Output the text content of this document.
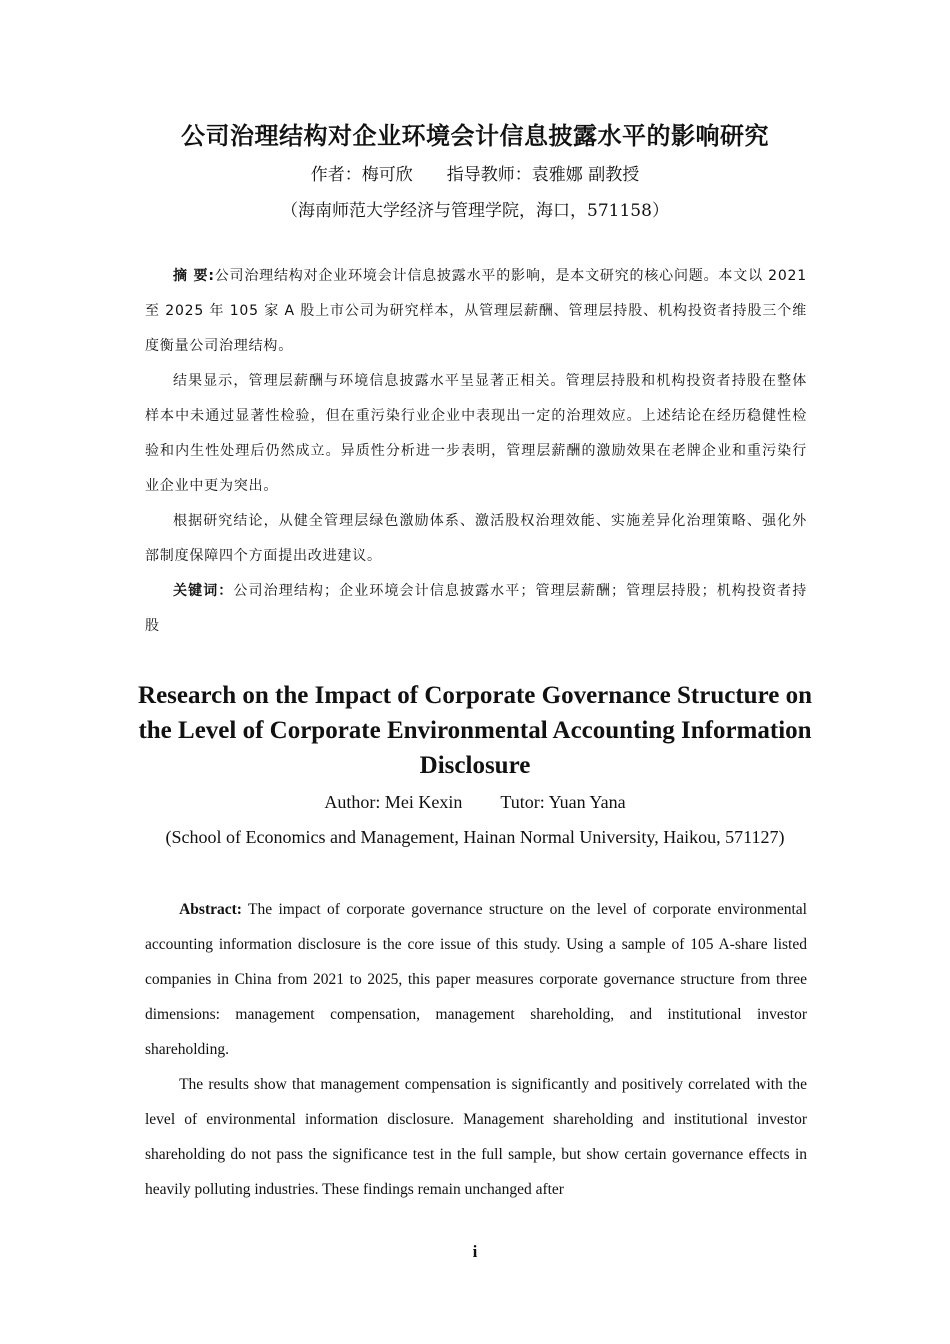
公司治理结构对企业环境会计信息披露水平的影响研究

作者：梅可欣 指导教师：袁雅娜 副教授

（海南师范大学经济与管理学院，海口，571158）

摘 要:公司治理结构对企业环境会计信息披露水平的影响，是本文研究的核心问题。本文以 2021 至 2025 年 105 家 A 股上市公司为研究样本，从管理层薪酬、管理层持股、机构投资者持股三个维度衡量公司治理结构。

结果显示，管理层薪酬与环境信息披露水平呈显著正相关。管理层持股和机构投资者持股在整体样本中未通过显著性检验，但在重污染行业企业中表现出一定的治理效应。上述结论在经历稳健性检验和内生性处理后仍然成立。异质性分析进一步表明，管理层薪酬的激励效果在老牌企业和重污染行业企业中更为突出。

根据研究结论，从健全管理层绿色激励体系、激活股权治理效能、实施差异化治理策略、强化外部制度保障四个方面提出改进建议。

关键词：公司治理结构；企业环境会计信息披露水平；管理层薪酬；管理层持股；机构投资者持股

Research on the Impact of Corporate Governance Structure on the Level of Corporate Environmental Accounting Information Disclosure

Author: Mei Kexin Tutor: Yuan Yana

(School of Economics and Management, Hainan Normal University, Haikou, 571127)

Abstract: The impact of corporate governance structure on the level of corporate environmental accounting information disclosure is the core issue of this study. Using a sample of 105 A-share listed companies in China from 2021 to 2025, this paper measures corporate governance structure from three dimensions: management compensation, management shareholding, and institutional investor shareholding.

The results show that management compensation is significantly and positively correlated with the level of environmental information disclosure. Management shareholding and institutional investor shareholding do not pass the significance test in the full sample, but show certain governance effects in heavily polluting industries. These findings remain unchanged after

i
